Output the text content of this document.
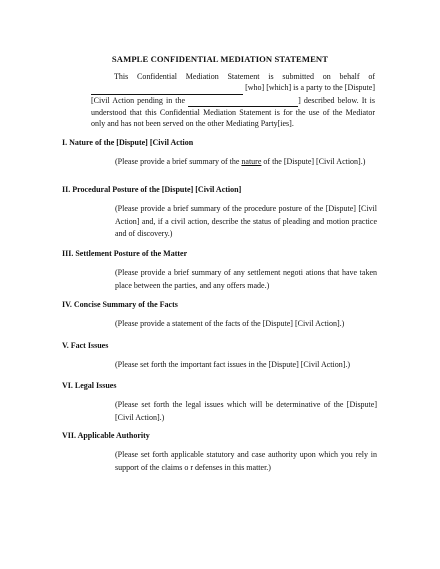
SAMPLE CONFIDENTIAL MEDIATION STATEMENT

This Confidential Mediation Statement is submitted on behalf of   [who] [which] is a party to the [Dispute] [Civil Action pending in the	] described below. It is understood that this Confidential Mediation Statement is for the use of the Mediator only and has not been served on the other Mediating Party[ies].

I. Nature of the [Dispute] [Civil Action

(Please provide a brief summary of the nature of the [Dispute] [Civil Action].)

II. Procedural Posture of the [Dispute] [Civil Action]

(Please provide a brief summary of the procedure posture of the [Dispute] [Civil Action] and, if a civil action, describe the status of pleading and motion practice and of discovery.)

III. Settlement Posture of the Matter

(Please provide a brief summary of any settlement negoti ations that have taken place between the parties, and any offers made.)

IV. Concise Summary of the Facts

(Please provide a statement of the facts of the [Dispute] [Civil Action].)

V. Fact Issues

(Please set forth the important fact issues in the [Dispute] [Civil Action].)

VI. Legal Issues

(Please set forth the legal issues which will be determinative of the [Dispute] [Civil Action].)

VII. Applicable Authority

(Please set forth applicable statutory and case authority upon which you rely in support of the claims o r defenses in this matter.)
